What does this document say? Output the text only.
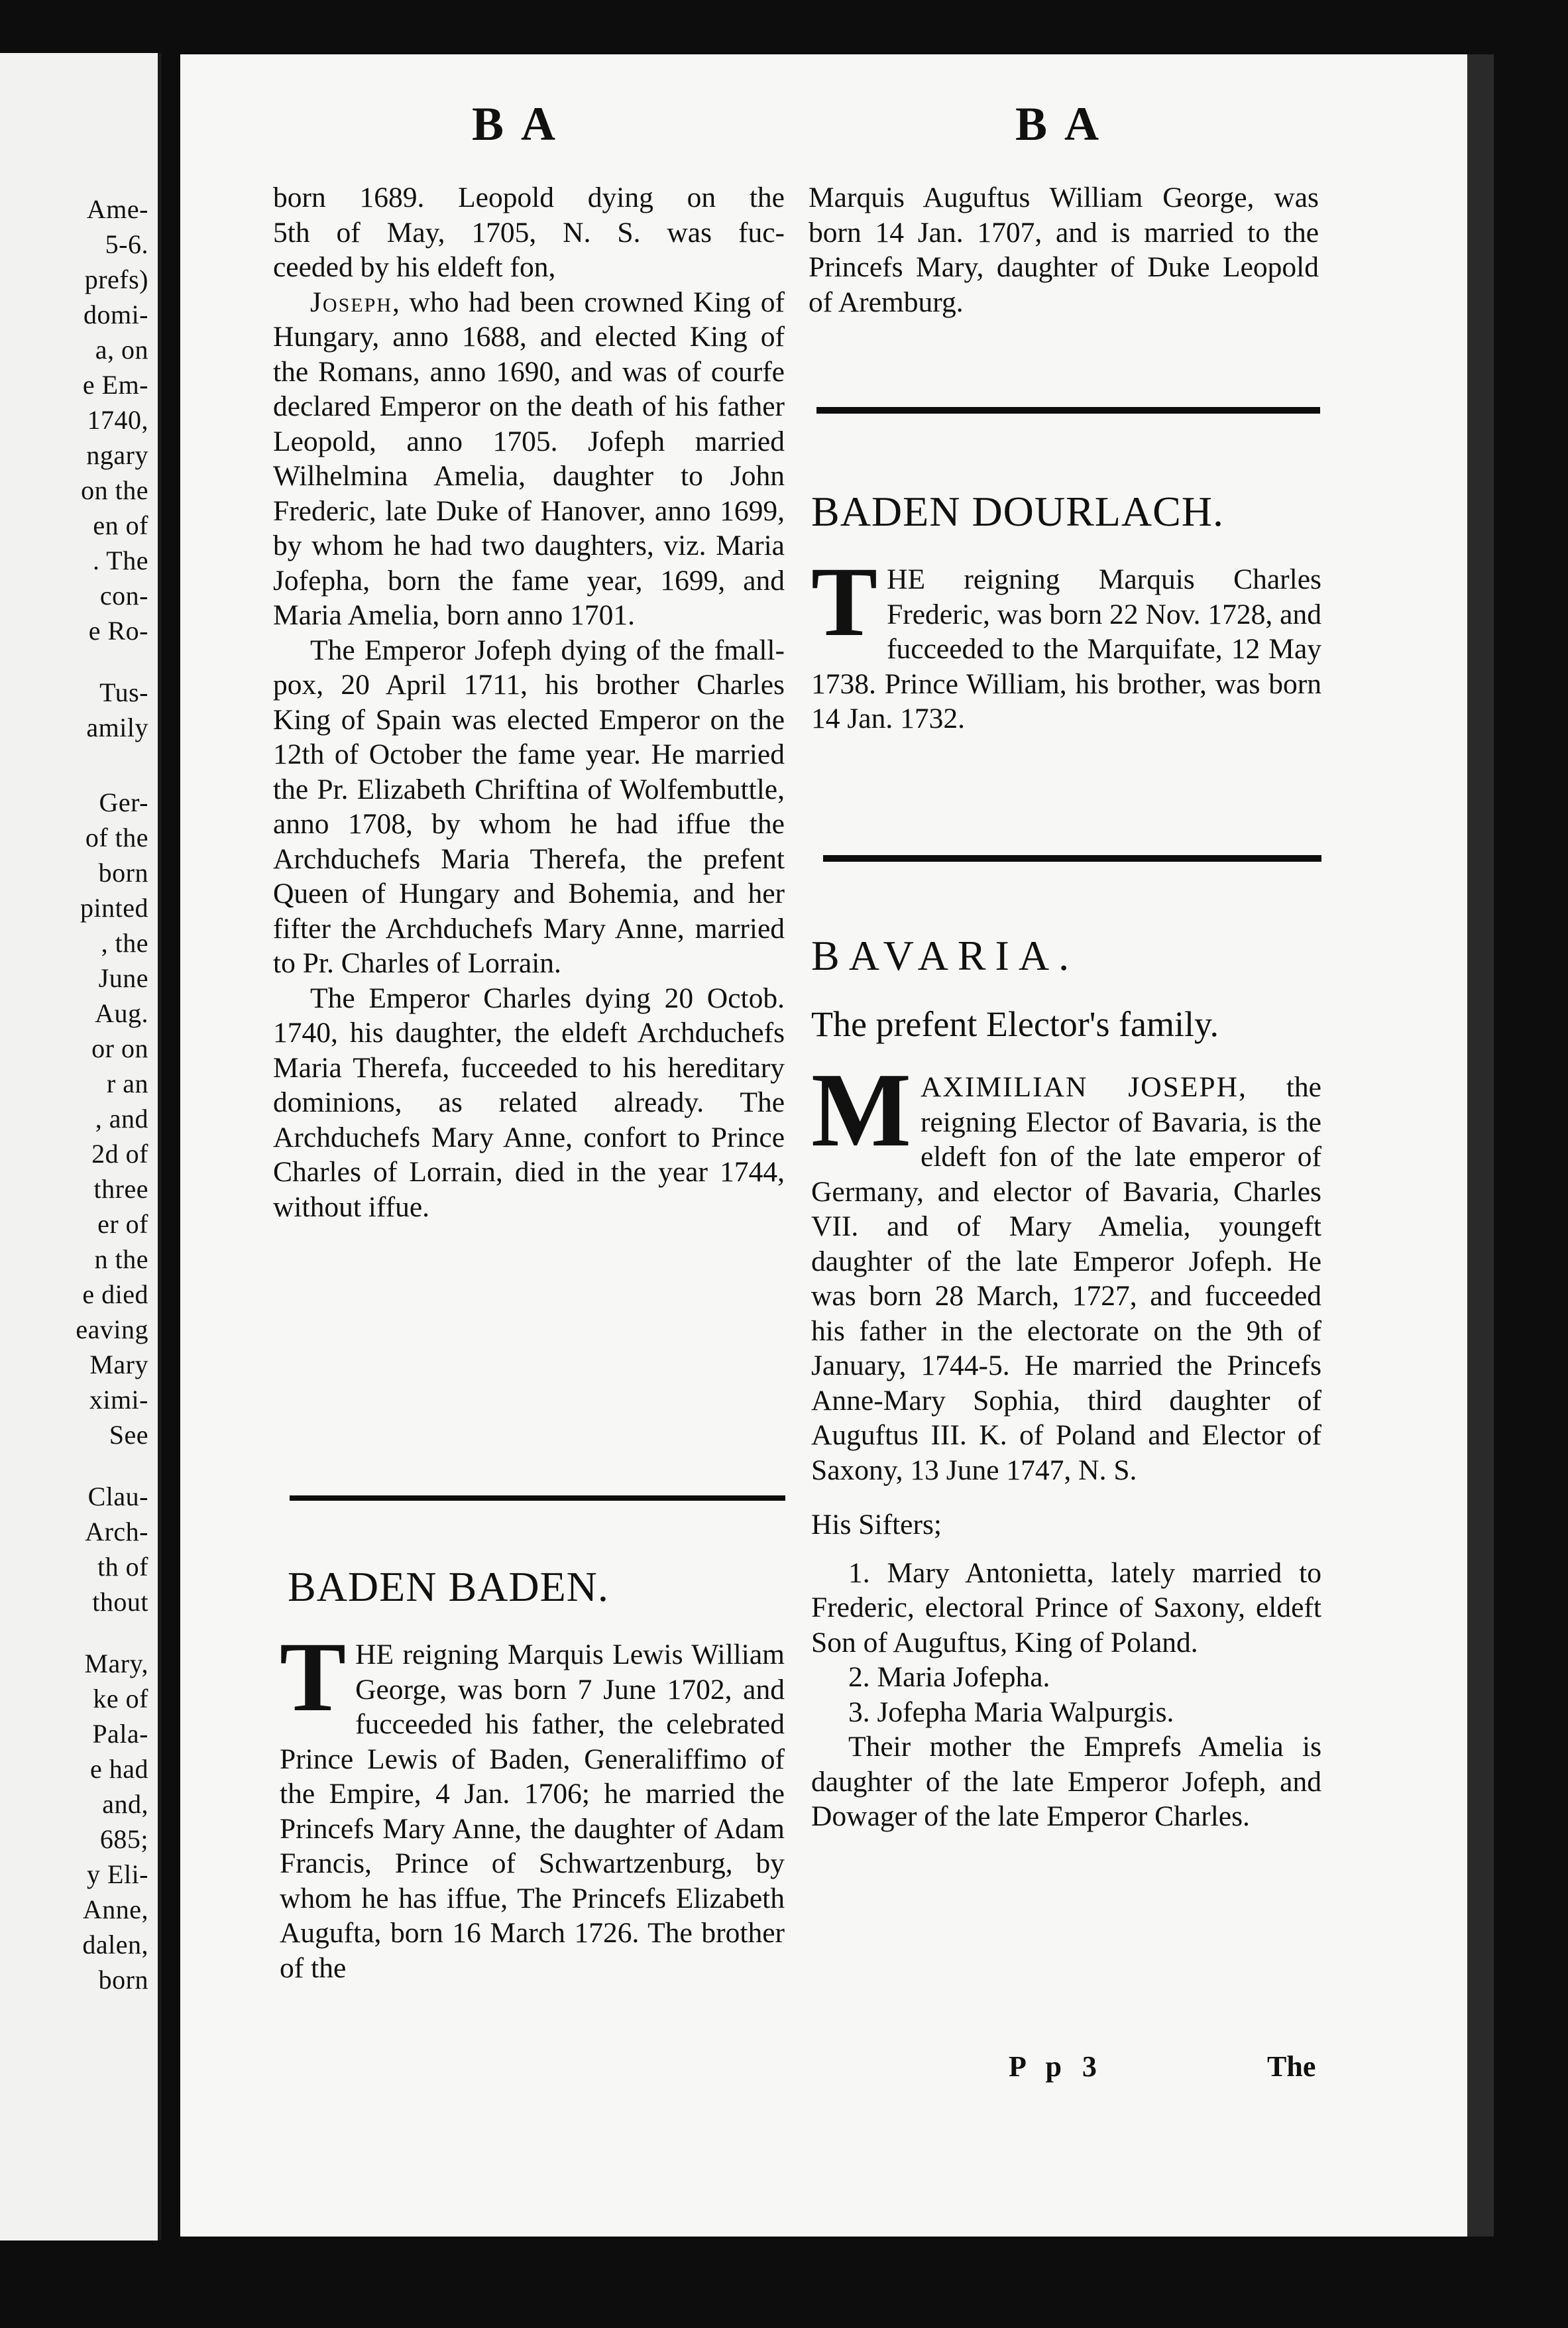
Ame-
5-6.
prefs)
domi-
a, on
e Em-
1740,
ngary
on the
en of
. The
con-
e Ro-
Tus-
amily
Ger-
of the
born
pinted
, the
June
Aug.
or on
r an
, and
2d of
three
er of
n the
e died
eaving
Mary
ximi-
See
Clau-
Arch-
th of
thout
Mary,
ke of
Pala-
e had
and,
685;
y Eli-
Anne,
dalen,
born
BA	BA

born 1689. Leopold dying on the

5th of May, 1705, N. S. was fuc-

ceeded by his eldeft fon,

Joseph, who had been crowned King of Hungary, anno 1688, and elected King of the Romans, anno 1690, and was of courfe declared Emperor on the death of his father Leopold, anno 1705. Jofeph married Wilhelmina Amelia, daughter to John Frederic, late Duke of Hanover, anno 1699, by whom he had two daughters, viz. Maria Jofepha, born the fame year, 1699, and Maria Amelia, born anno 1701.

The Emperor Jofeph dying of the fmall-pox, 20 April 1711, his brother Charles King of Spain was elected Emperor on the 12th of October the fame year. He married the Pr. Elizabeth Chriftina of Wolfembuttle, anno 1708, by whom he had iffue the Archduchefs Maria Therefa, the prefent Queen of Hungary and Bohemia, and her fifter the Archduchefs Mary Anne, married to Pr. Charles of Lorrain.

The Emperor Charles dying 20 Octob. 1740, his daughter, the eldeft Archduchefs Maria Therefa, fucceeded to his hereditary dominions, as related already. The Archduchefs Mary Anne, confort to Prince Charles of Lorrain, died in the year 1744, without iffue.

BADEN BADEN.

THE reigning Marquis Lewis William George, was born 7 June 1702, and fucceeded his father, the celebrated Prince Lewis of Baden, Generaliffimo of the Empire, 4 Jan. 1706; he married the Princefs Mary Anne, the daughter of Adam Francis, Prince of Schwartzenburg, by whom he has iffue, The Princefs Elizabeth Augufta, born 16 March 1726. The brother of the

Marquis Auguftus William George, was born 14 Jan. 1707, and is married to the Princefs Mary, daughter of Duke Leopold of Aremburg.

BADEN DOURLACH.

THE reigning Marquis Charles Frederic, was born 22 Nov. 1728, and fucceeded to the Marquifate, 12 May 1738. Prince William, his brother, was born 14 Jan. 1732.

BAVARIA.

The prefent Elector's family.

MAXIMILIAN JOSEPH, the reigning Elector of Bavaria, is the eldeft fon of the late emperor of Germany, and elector of Bavaria, Charles VII. and of Mary Amelia, youngeft daughter of the late Emperor Jofeph. He was born 28 March, 1727, and fucceeded his father in the electorate on the 9th of January, 1744-5. He married the Princefs Anne-Mary Sophia, third daughter of Auguftus III. K. of Poland and Elector of Saxony, 13 June 1747, N. S.

His Sifters;

1. Mary Antonietta, lately married to Frederic, electoral Prince of Saxony, eldeft Son of Auguftus, King of Poland.

2. Maria Jofepha.

3. Jofepha Maria Walpurgis.

Their mother the Emprefs Amelia is daughter of the late Emperor Jofeph, and Dowager of the late Emperor Charles.

P p 3	The
